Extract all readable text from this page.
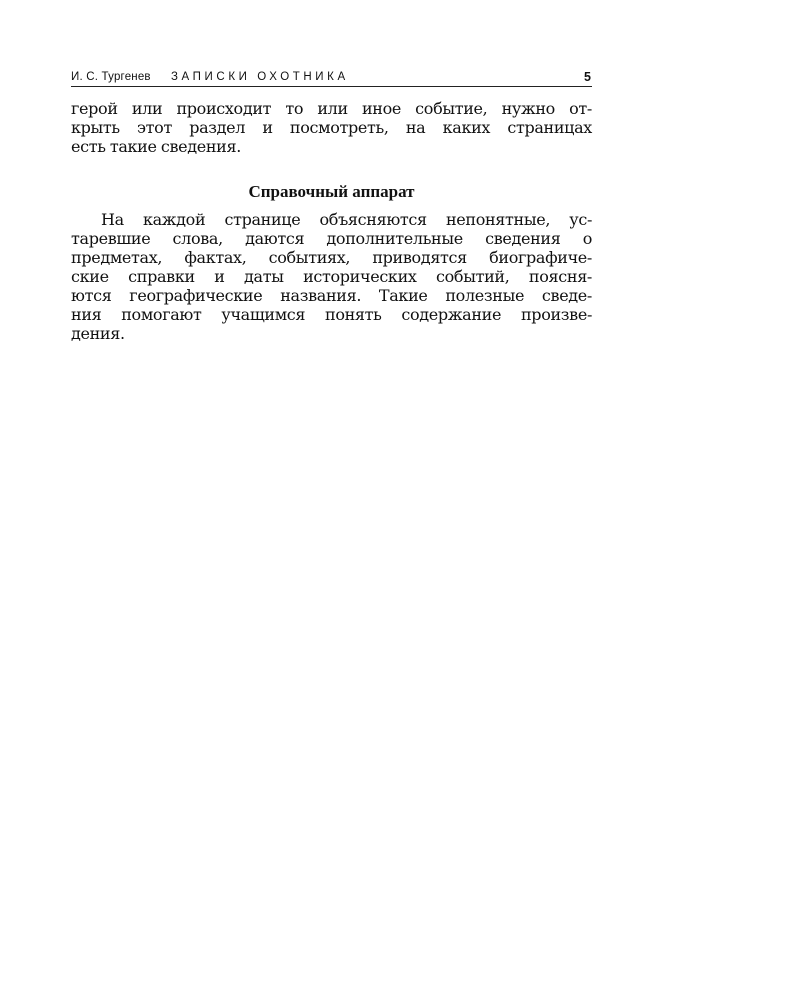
И. С. Тургенев ЗАПИСКИ ОХОТНИКА	5
герой или происходит то или иное событие, нужно от-
крыть этот раздел и посмотреть, на каких страницах
есть такие сведения.
Справочный аппарат
На каждой странице объясняются непонятные, ус-
таревшие слова, даются дополнительные сведения о
предметах, фактах, событиях, приводятся биографиче-
ские справки и даты исторических событий, поясня-
ются географические названия. Такие полезные сведе-
ния помогают учащимся понять содержание произве-
дения.
